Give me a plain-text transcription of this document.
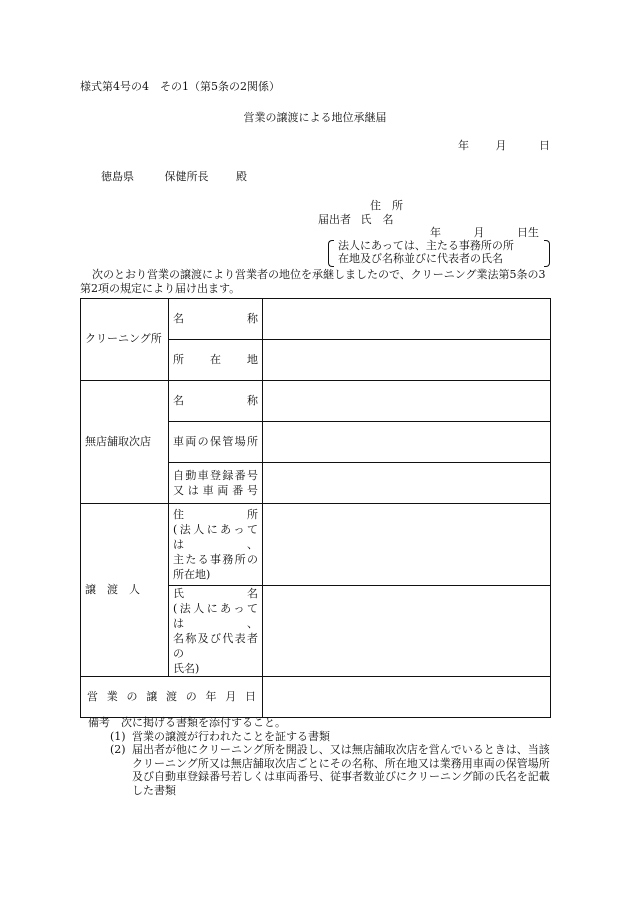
様式第4号の4　その1（第5条の2関係）
営業の譲渡による地位承継届
年 月	日
徳島県	保健所長	殿
住　所
届出者 氏　名
年	月	日生
法人にあっては、主たる事務所の所
在地及び名称並びに代表者の氏名
次のとおり営業の譲渡により営業者の地位を承継しましたので、クリーニング業法第5条の3第2項の規定により届け出ます。
クリーニング所	名　　称	
	所　在　地	
無店舗取次店	名　　称	
	車両の保管場所	

	自動車登録番号
又は車両番号	

譲　渡　人	住　　　所
(法人にあっては、
主たる事務所の
所在地)	

	氏　　　名
(法人にあっては、
名称及び代表者の
氏名)	

営業の譲渡の年月日		
備考　次に掲げる書類を添付すること。
(1) 営業の譲渡が行われたことを証する書類
(2) 届出者が他にクリーニング所を開設し、又は無店舗取次店を営んでいるときは、当該クリーニング所又は無店舗取次店ごとにその名称、所在地又は業務用車両の保管場所及び自動車登録番号若しくは車両番号、従事者数並びにクリーニング師の氏名を記載した書類
